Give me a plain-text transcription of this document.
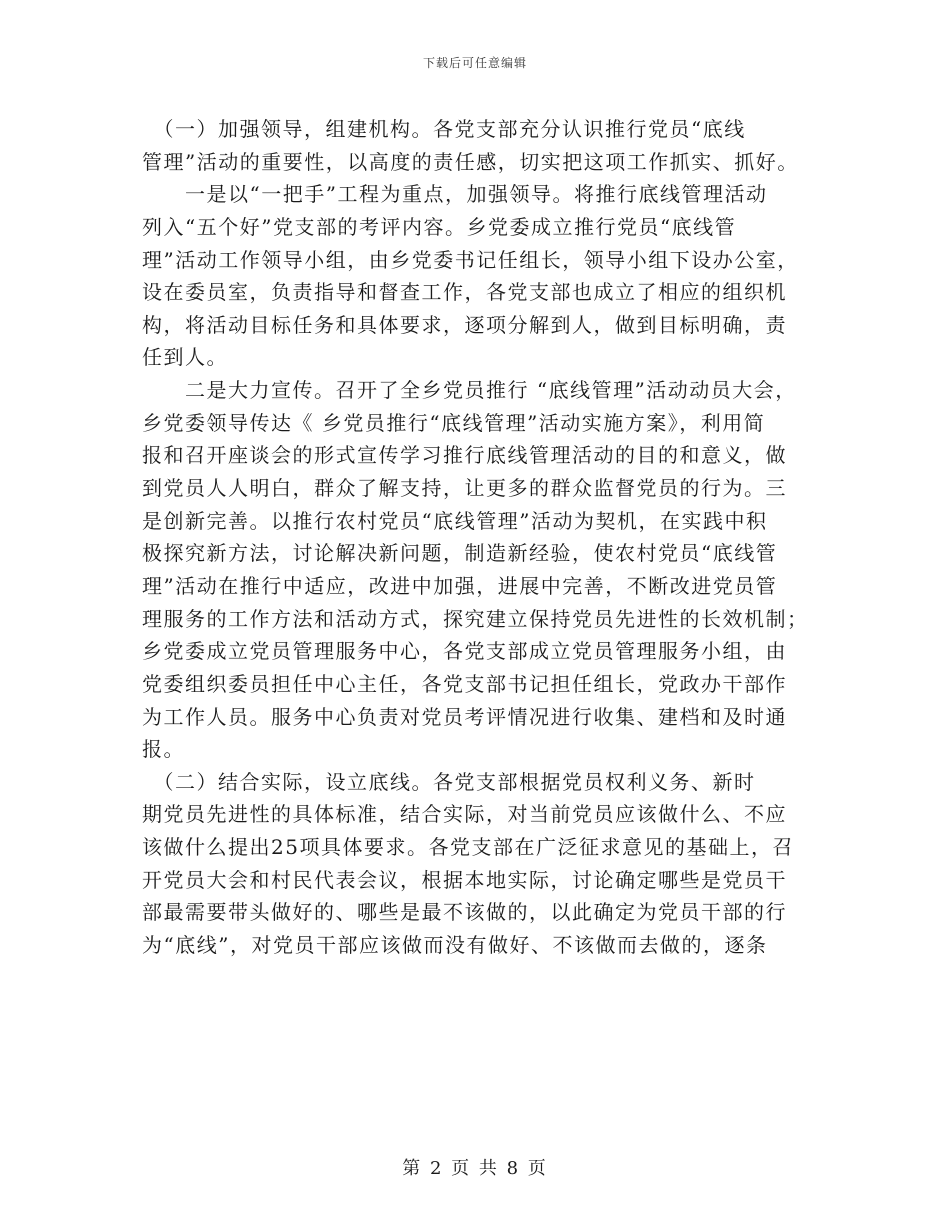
下载后可任意编辑
　（一）加强领导，组建机构。各党支部充分认识推行党员“底线
管理”活动的重要性，以高度的责任感，切实把这项工作抓实、抓好。
　　一是以“一把手”工程为重点，加强领导。将推行底线管理活动
列入“五个好”党支部的考评内容。乡党委成立推行党员“底线管
理”活动工作领导小组，由乡党委书记任组长，领导小组下设办公室，
设在委员室，负责指导和督查工作，各党支部也成立了相应的组织机
构，将活动目标任务和具体要求，逐项分解到人，做到目标明确，责
任到人。
　　二是大力宣传。召开了全乡党员推行 “底线管理”活动动员大会，
乡党委领导传达《 乡党员推行“底线管理”活动实施方案》，利用简
报和召开座谈会的形式宣传学习推行底线管理活动的目的和意义，做
到党员人人明白，群众了解支持，让更多的群众监督党员的行为。三
是创新完善。以推行农村党员“底线管理”活动为契机，在实践中积
极探究新方法，讨论解决新问题，制造新经验，使农村党员“底线管
理”活动在推行中适应，改进中加强，进展中完善，不断改进党员管
理服务的工作方法和活动方式，探究建立保持党员先进性的长效机制；
乡党委成立党员管理服务中心，各党支部成立党员管理服务小组，由
党委组织委员担任中心主任，各党支部书记担任组长，党政办干部作
为工作人员。服务中心负责对党员考评情况进行收集、建档和及时通
报。
　（二）结合实际，设立底线。各党支部根据党员权利义务、新时
期党员先进性的具体标准，结合实际，对当前党员应该做什么、不应
该做什么提出25项具体要求。各党支部在广泛征求意见的基础上，召
开党员大会和村民代表会议，根据本地实际，讨论确定哪些是党员干
部最需要带头做好的、哪些是最不该做的，以此确定为党员干部的行
为“底线”，对党员干部应该做而没有做好、不该做而去做的，逐条
第 2 页 共 8 页
